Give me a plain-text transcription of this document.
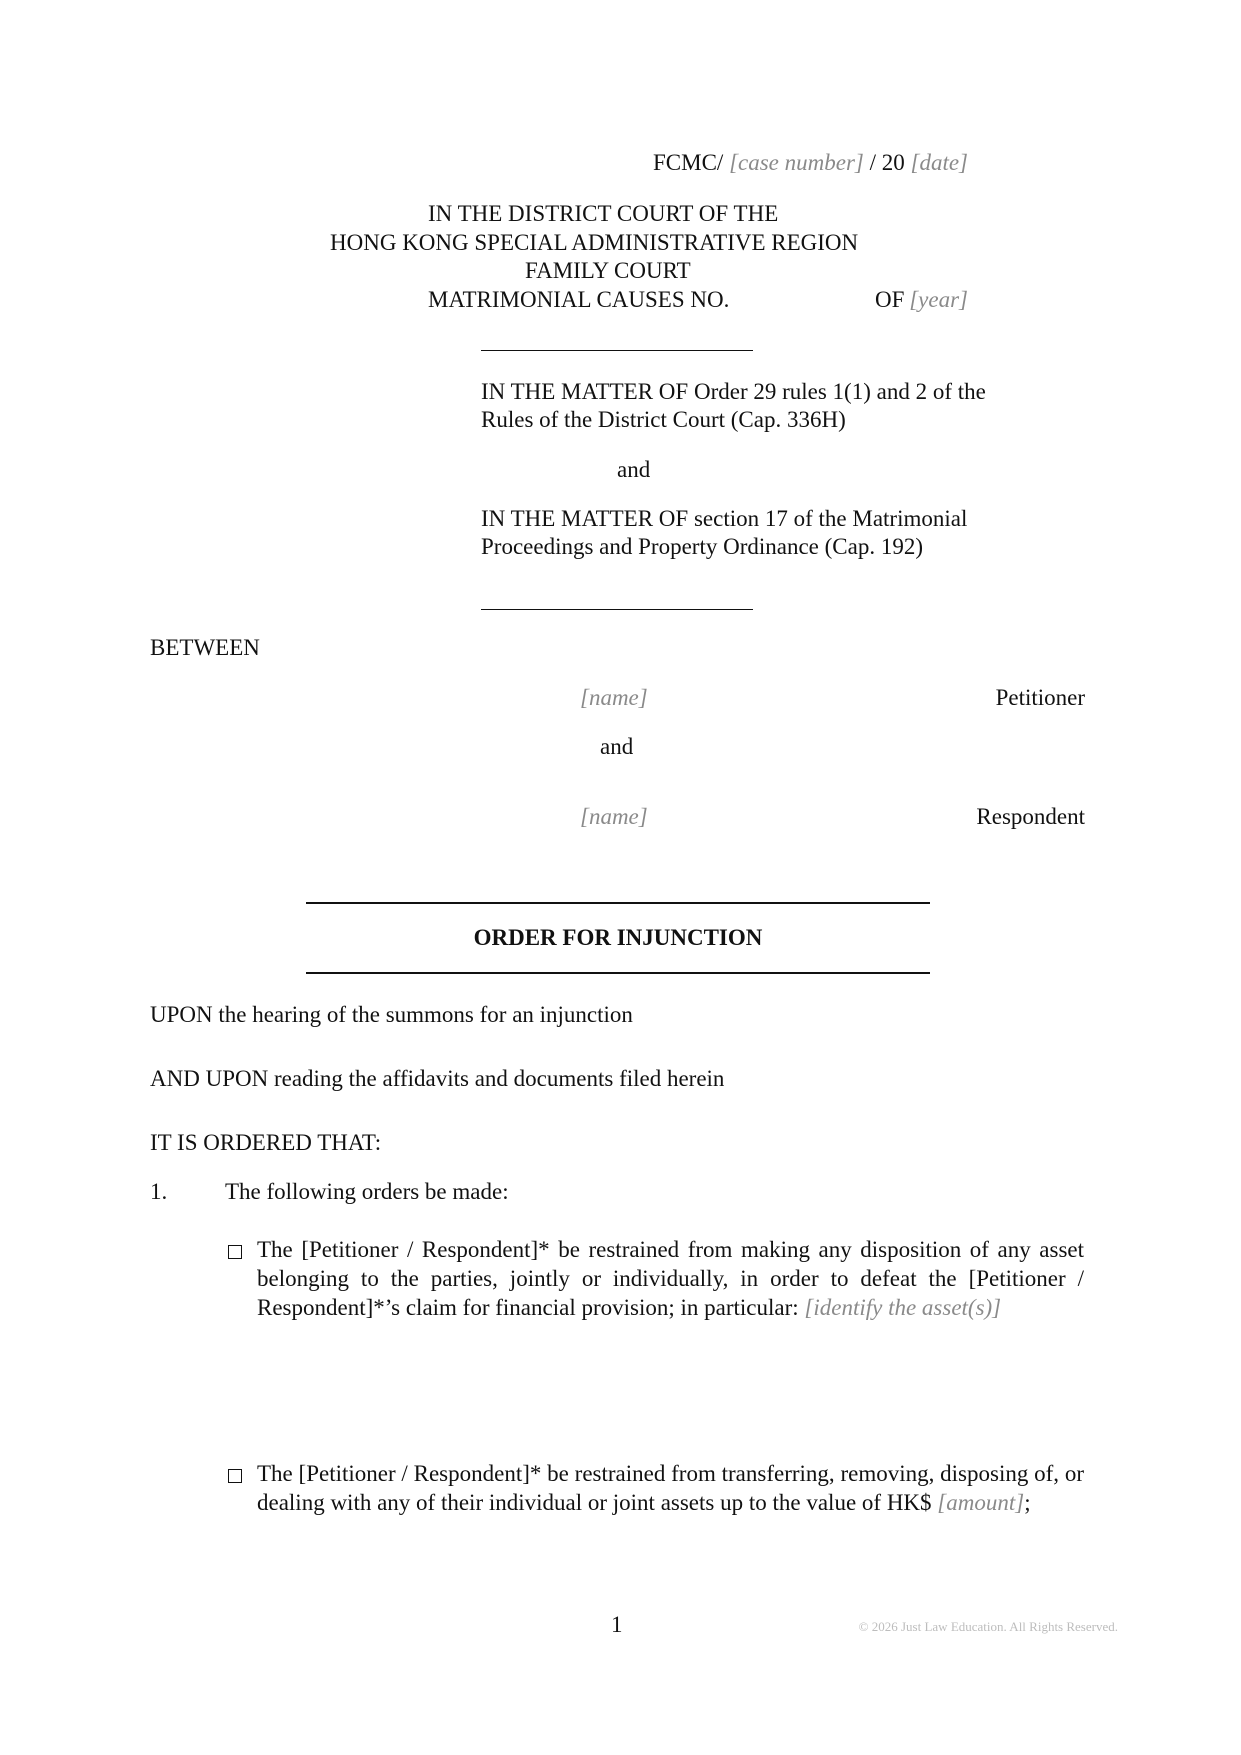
FCMC/ [case number] / 20 [date]
IN THE DISTRICT COURT OF THE
HONG KONG SPECIAL ADMINISTRATIVE REGION
FAMILY COURT
MATRIMONIAL CAUSES NO.	OF [year]
IN THE MATTER OF Order 29 rules 1(1) and 2 of the
Rules of the District Court (Cap. 336H)
and
IN THE MATTER OF section 17 of the Matrimonial
Proceedings and Property Ordinance (Cap. 192)
BETWEEN
[name]	Petitioner
and
[name]	Respondent
ORDER FOR INJUNCTION
UPON the hearing of the summons for an injunction
AND UPON reading the affidavits and documents filed herein
IT IS ORDERED THAT:
1.	The following orders be made:
The [Petitioner / Respondent]* be restrained from making any disposition of any asset belonging to the parties, jointly or individually, in order to defeat the [Petitioner / Respondent]*’s claim for financial provision; in particular: [identify the asset(s)]
The [Petitioner / Respondent]* be restrained from transferring, removing, disposing of, or dealing with any of their individual or joint assets up to the value of HK$ [amount];
1	© 2026 Just Law Education. All Rights Reserved.
